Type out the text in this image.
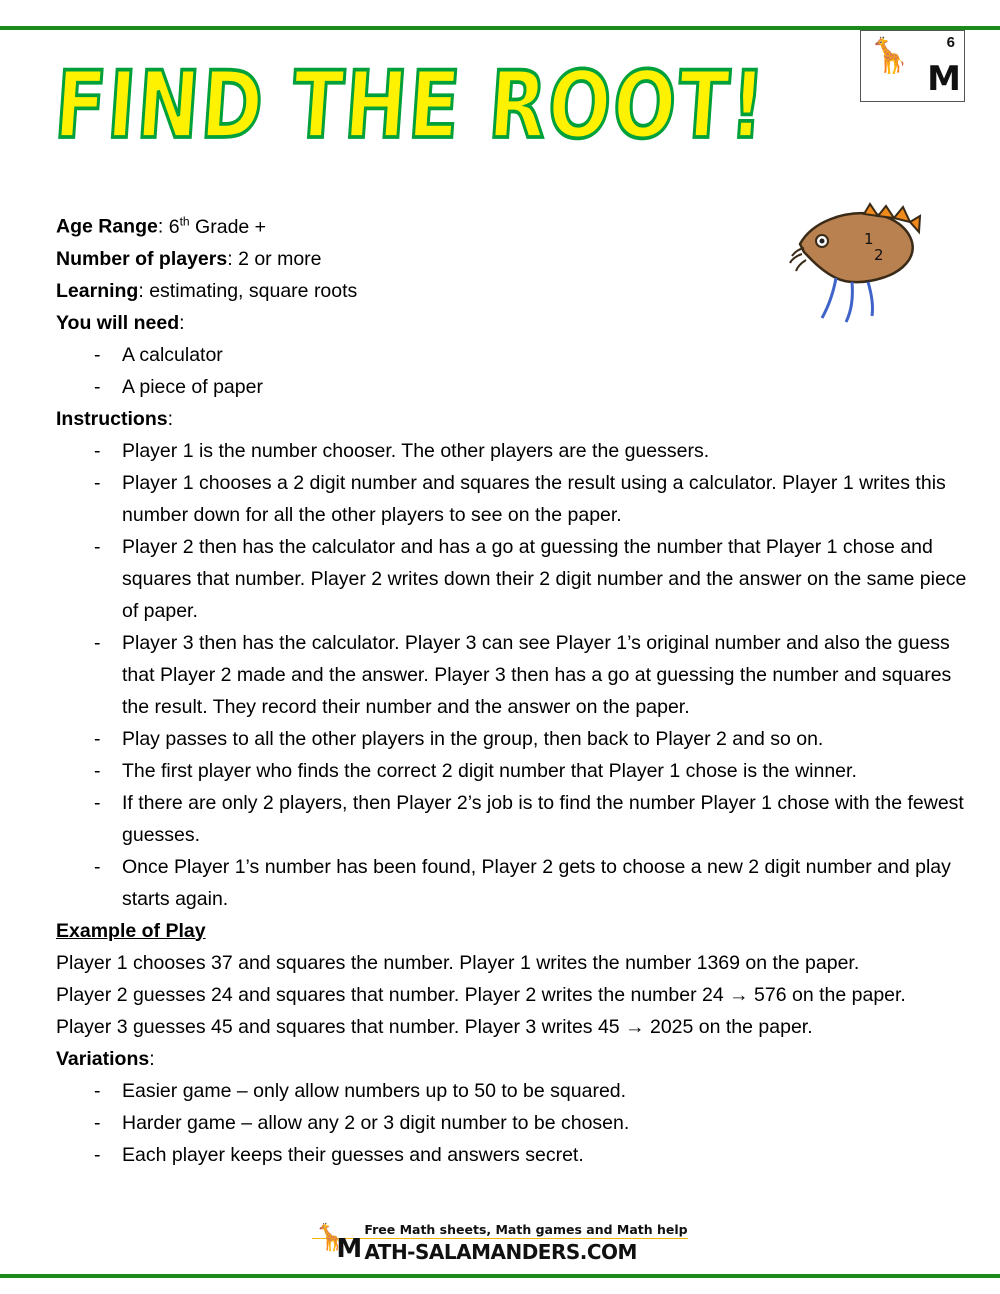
🦒
M
6
FIND THE ROOT!
1
2
Age Range: 6th Grade +
Number of players: 2 or more
Learning: estimating, square roots
You will need:
- A calculator
- A piece of paper
Instructions:
- Player 1 is the number chooser. The other players are the guessers.
- Player 1 chooses a 2 digit number and squares the result using a calculator. Player 1 writes this number down for all the other players to see on the paper.
- Player 2 then has the calculator and has a go at guessing the number that Player 1 chose and squares that number. Player 2 writes down their 2 digit number and the answer on the same piece of paper.
- Player 3 then has the calculator. Player 3 can see Player 1’s original number and also the guess that Player 2 made and the answer. Player 3 then has a go at guessing the number and squares the result. They record their number and the answer on the paper.
- Play passes to all the other players in the group, then back to Player 2 and so on.
- The first player who finds the correct 2 digit number that Player 1 chose is the winner.
- If there are only 2 players, then Player 2’s job is to find the number Player 1 chose with the fewest guesses.
- Once Player 1’s number has been found, Player 2 gets to choose a new 2 digit number and play starts again.
Example of Play
Player 1 chooses 37 and squares the number. Player 1 writes the number 1369 on the paper.
Player 2 guesses 24 and squares that number. Player 2 writes the number 24 → 576 on the paper.
Player 3 guesses 45 and squares that number. Player 3 writes 45 → 2025 on the paper.
Variations:
- Easier game – only allow numbers up to 50 to be squared.
- Harder game – allow any 2 or 3 digit number to be chosen.
- Each player keeps their guesses and answers secret.
🦒
M
Free Math sheets, Math games and Math help
ATH-SALAMANDERS.COM
